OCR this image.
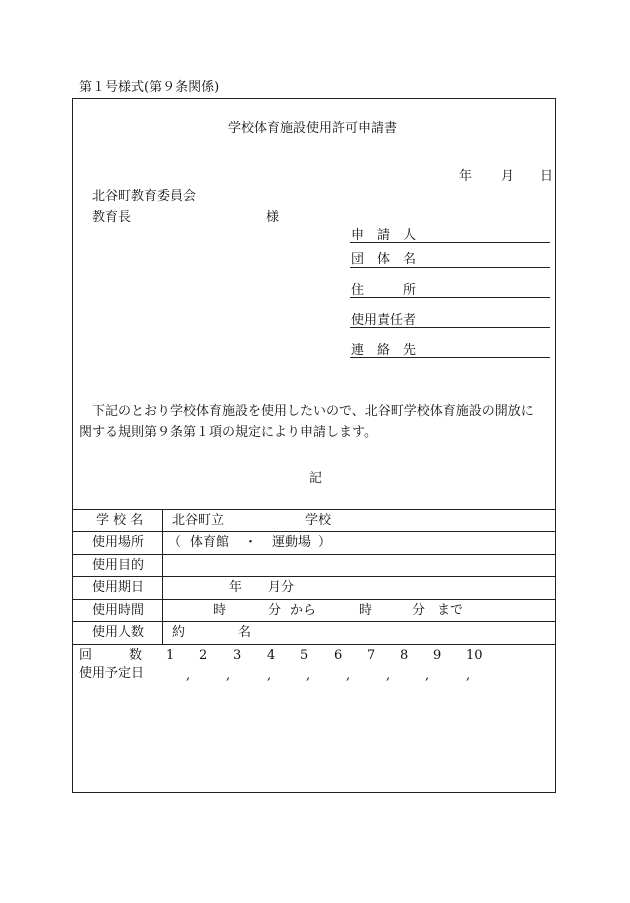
第１号様式(第９条関係)
学校体育施設使用許可申請書
年 月 日
北谷町教育委員会
教育長	様
申　請　人
団　体　名
住　　　所
使用責任者
連　絡　先
下記のとおり学校体育施設を使用したいので、北谷町学校体育施設の開放に
関する規則第９条第１項の規定により申請します。
記
学 校 名 北谷町立	学校
使用場所 （ 体育館 ・ 運動場 ）
使用目的
使用期日	年 月分
使用時間	時	分 から	時	分 まで
使用人数 約	名
回	数 1 2 3 4 5 6 7 8 9 10
使用予定日	,	,	,	,	,	,	,	,
